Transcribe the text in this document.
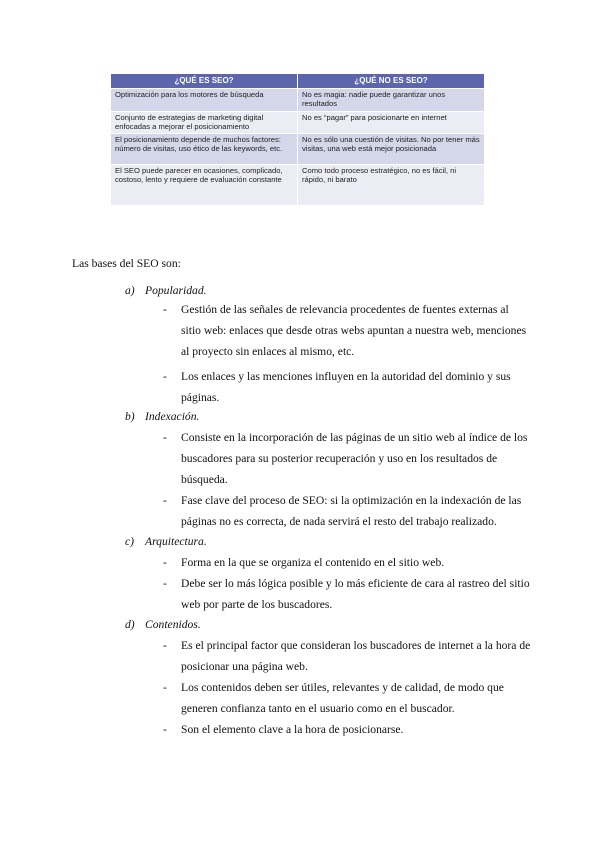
¿QUÉ ES SEO?	¿QUÉ NO ES SEO?
Optimización para los motores de búsqueda	No es magia: nadie puede garantizar unos resultados
Conjunto de estrategias de marketing digital enfocadas a mejorar el posicionamiento	No es “pagar” para posicionarte en internet
El posicionamiento depende de muchos factores: número de visitas, uso ético de las keywords, etc.	No es sólo una cuestión de visitas. No por tener más visitas, una web está mejor posicionada
El SEO puede parecer en ocasiones, complicado, costoso, lento y requiere de evaluación constante	Como todo proceso estratégico, no es fácil, ni rápido, ni barato
Las bases del SEO son:
a) Popularidad.
- Gestión de las señales de relevancia procedentes de fuentes externas al sitio web: enlaces que desde otras webs apuntan a nuestra web, menciones al proyecto sin enlaces al mismo, etc.
- Los enlaces y las menciones influyen en la autoridad del dominio y sus páginas.
b) Indexación.
- Consiste en la incorporación de las páginas de un sitio web al índice de los buscadores para su posterior recuperación y uso en los resultados de búsqueda.
- Fase clave del proceso de SEO: si la optimización en la indexación de las páginas no es correcta, de nada servirá el resto del trabajo realizado.
c) Arquitectura.
- Forma en la que se organiza el contenido en el sitio web.
- Debe ser lo más lógica posible y lo más eficiente de cara al rastreo del sitio web por parte de los buscadores.
d) Contenidos.
- Es el principal factor que consideran los buscadores de internet a la hora de posicionar una página web.
- Los contenidos deben ser útiles, relevantes y de calidad, de modo que generen confianza tanto en el usuario como en el buscador.
- Son el elemento clave a la hora de posicionarse.
